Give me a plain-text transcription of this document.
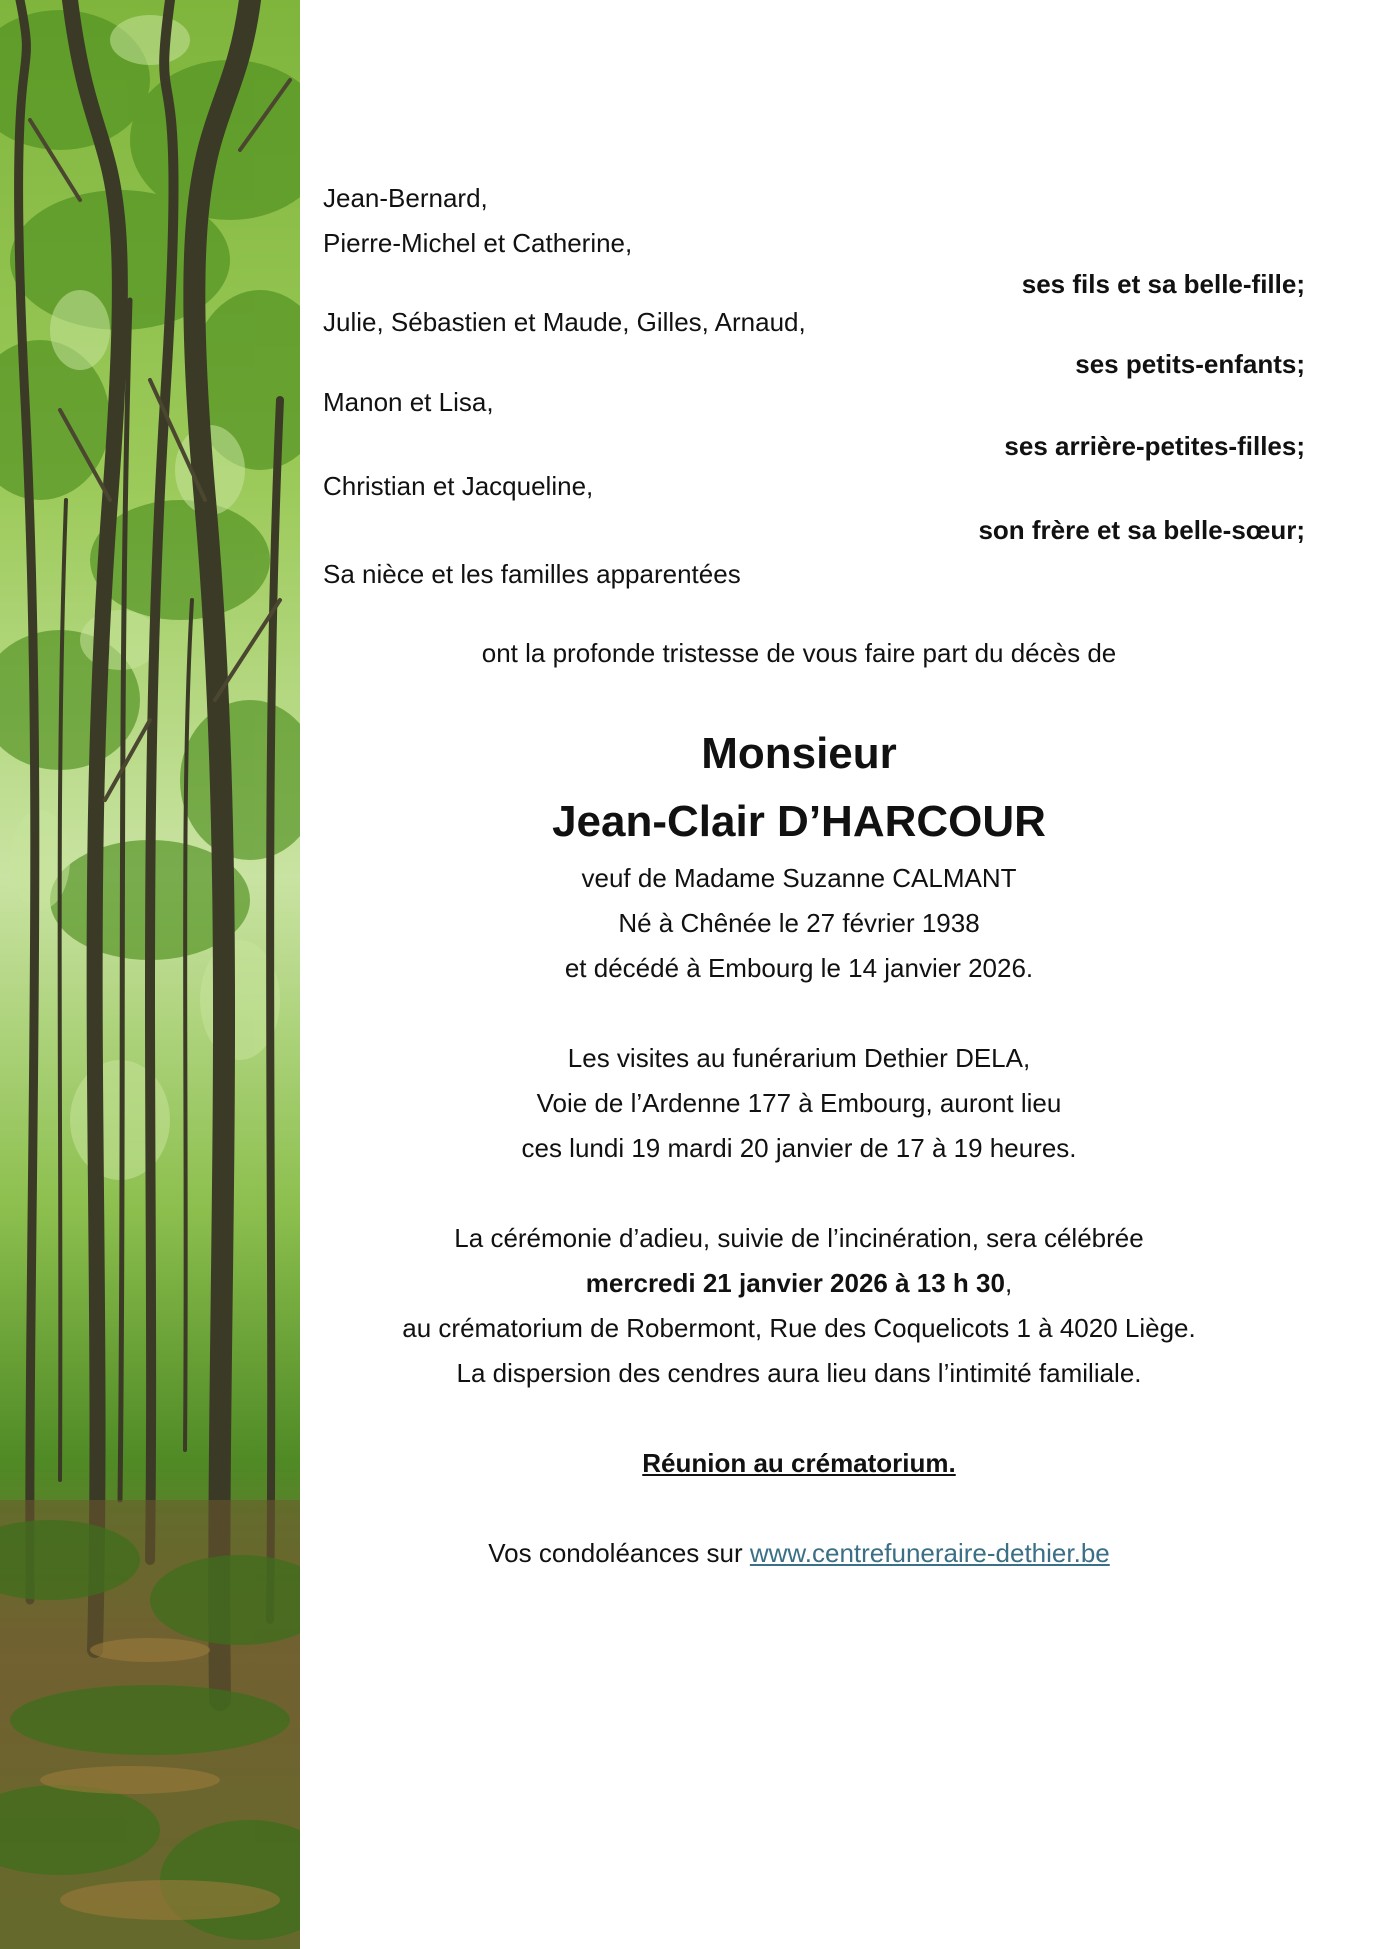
Jean-Bernard,
Pierre-Michel et Catherine,
ses fils et sa belle-fille;
Julie, Sébastien et Maude, Gilles, Arnaud,
ses petits-enfants;
Manon et Lisa,
ses arrière-petites-filles;
Christian et Jacqueline,
son frère et sa belle-sœur;
Sa nièce et les familles apparentées
ont la profonde tristesse de vous faire part du décès de
Monsieur
Jean-Clair D’HARCOUR
veuf de Madame Suzanne CALMANT
Né à Chênée le 27 février 1938
et décédé à Embourg le 14 janvier 2026.
Les visites au funérarium Dethier DELA,
Voie de l’Ardenne 177 à Embourg, auront lieu
ces lundi 19 mardi 20 janvier de 17 à 19 heures.
La cérémonie d’adieu, suivie de l’incinération, sera célébrée
mercredi 21 janvier 2026 à 13 h 30,
au crématorium de Robermont, Rue des Coquelicots 1 à 4020 Liège.
La dispersion des cendres aura lieu dans l’intimité familiale.
Réunion au crématorium.
Vos condoléances sur www.centrefuneraire-dethier.be
